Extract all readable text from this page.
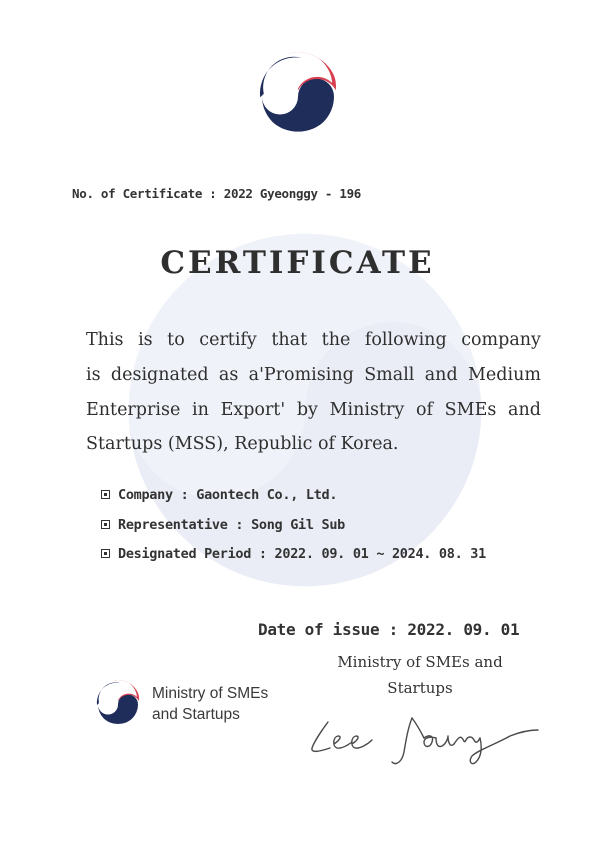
No. of Certificate : 2022 Gyeonggy - 196
CERTIFICATE
This is to certify that the following company
is designated as a'Promising Small and Medium
Enterprise in Export' by Ministry of SMEs and
Startups (MSS), Republic of Korea.
Company : Gaontech Co., Ltd.
Representative : Song Gil Sub
Designated Period : 2022. 09. 01 ~ 2024. 08. 31
Date of issue : 2022. 09. 01
Ministry of SMEs and
Startups
Ministry of SMEs
and Startups
